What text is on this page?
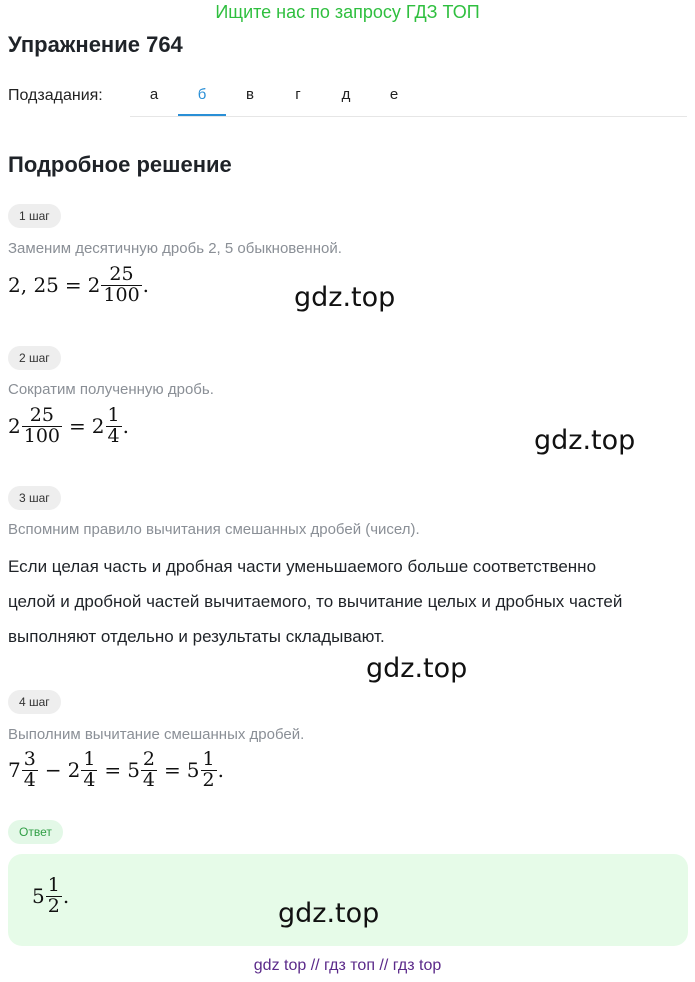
Ищите нас по запросу ГДЗ ТОП
Упражнение 764
Подзадания:	а	б	в	г	д	е
Подробное решение
1 шаг
Заменим десятичную дробь 2, 5 обыкновенной.
2, $25 = 2 \frac{25}{100}$ .	gdz.top
2 шаг
Сократим полученную дробь.
$2 \frac{25}{100} = 2 \frac{1}{4}$ .	gdz.top
3 шаг
Вспомним правило вычитания смешанных дробей (чисел).
Если целая часть и дробная части уменьшаемого больше соответственно
целой и дробной частей вычитаемого, то вычитание целых и дробных частей
выполняют отдельно и результаты складывают.
gdz.top
4 шаг
Выполним вычитание смешанных дробей.
$7 \frac{3}{4} - 2 \frac{1}{4} = 5 \frac{2}{4} = 5 \frac{1}{2}$ .
Ответ
$5 \frac{1}{2}$ .
gdz.top
gdz top // гдз топ // гдз top
